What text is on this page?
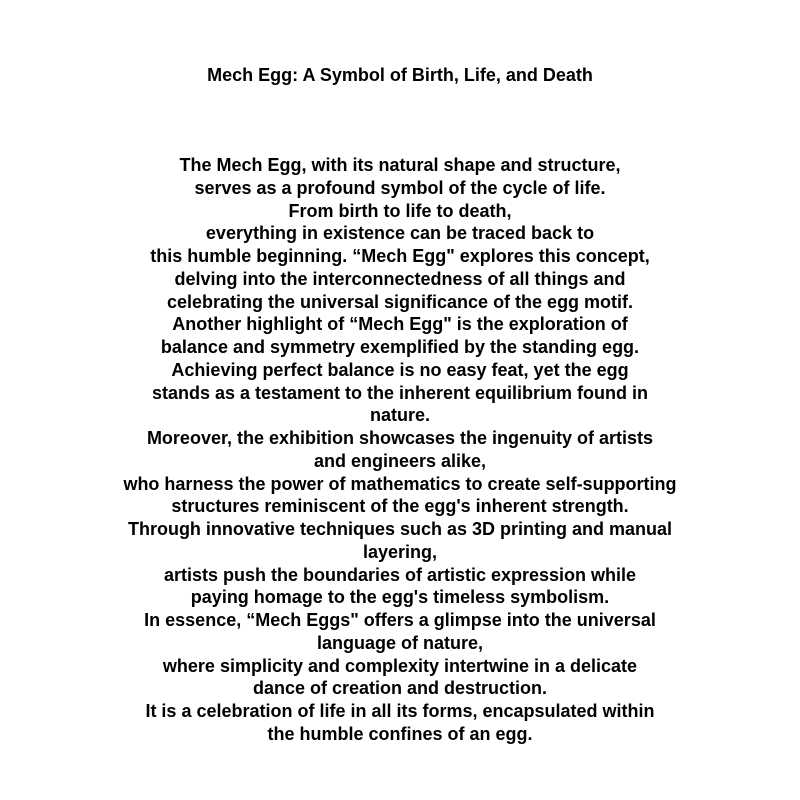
Mech Egg: A Symbol of Birth, Life, and Death
The Mech Egg, with its natural shape and structure,
serves as a profound symbol of the cycle of life.
From birth to life to death,
everything in existence can be traced back to
this humble beginning. “Mech Egg" explores this concept,
delving into the interconnectedness of all things and
celebrating the universal significance of the egg motif.
Another highlight of “Mech Egg" is the exploration of
balance and symmetry exemplified by the standing egg.
Achieving perfect balance is no easy feat, yet the egg
stands as a testament to the inherent equilibrium found in
nature.
Moreover, the exhibition showcases the ingenuity of artists
and engineers alike,
who harness the power of mathematics to create self-supporting
structures reminiscent of the egg's inherent strength.
Through innovative techniques such as 3D printing and manual
layering,
artists push the boundaries of artistic expression while
paying homage to the egg's timeless symbolism.
In essence, “Mech Eggs" offers a glimpse into the universal
language of nature,
where simplicity and complexity intertwine in a delicate
dance of creation and destruction.
It is a celebration of life in all its forms, encapsulated within
the humble confines of an egg.
